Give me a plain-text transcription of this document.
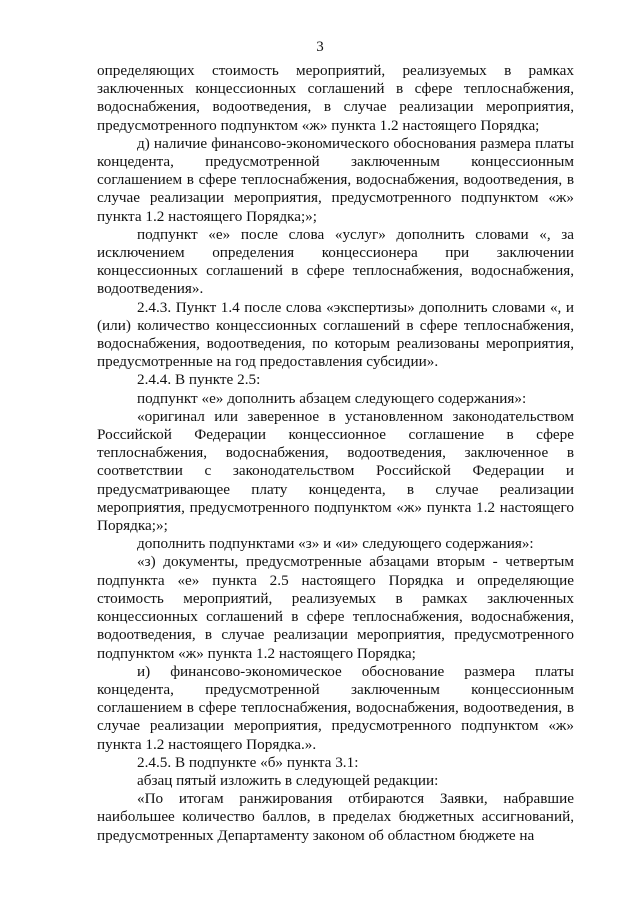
3

определяющих стоимость мероприятий, реализуемых в рамках заключенных концессионных соглашений в сфере теплоснабжения, водоснабжения, водоотведения, в случае реализации мероприятия, предусмотренного подпунктом «ж» пункта 1.2 настоящего Порядка;

д) наличие финансово-экономического обоснования размера платы концедента, предусмотренной заключенным концессионным соглашением в сфере теплоснабжения, водоснабжения, водоотведения, в случае реализации мероприятия, предусмотренного подпунктом «ж» пункта 1.2 настоящего Порядка;»;

подпункт «е» после слова «услуг» дополнить словами «, за исключением определения концессионера при заключении концессионных соглашений в сфере теплоснабжения, водоснабжения, водоотведения».

2.4.3. Пункт 1.4 после слова «экспертизы» дополнить словами «, и (или) количество концессионных соглашений в сфере теплоснабжения, водоснабжения, водоотведения, по которым реализованы мероприятия, предусмотренные на год предоставления субсидии».

2.4.4. В пункте 2.5:

подпункт «е» дополнить абзацем следующего содержания»:

«оригинал или заверенное в установленном законодательством Российской Федерации концессионное соглашение в сфере теплоснабжения, водоснабжения, водоотведения, заключенное в соответствии с законодательством Российской Федерации и предусматривающее плату концедента, в случае реализации мероприятия, предусмотренного подпунктом «ж» пункта 1.2 настоящего Порядка;»;

дополнить подпунктами «з» и «и» следующего содержания»:

«з) документы, предусмотренные абзацами вторым - четвертым подпункта «е» пункта 2.5 настоящего Порядка и определяющие стоимость мероприятий, реализуемых в рамках заключенных концессионных соглашений в сфере теплоснабжения, водоснабжения, водоотведения, в случае реализации мероприятия, предусмотренного подпунктом «ж» пункта 1.2 настоящего Порядка;

и) финансово-экономическое обоснование размера платы концедента, предусмотренной заключенным концессионным соглашением в сфере теплоснабжения, водоснабжения, водоотведения, в случае реализации мероприятия, предусмотренного подпунктом «ж» пункта 1.2 настоящего Порядка.».

2.4.5. В подпункте «б» пункта 3.1:

абзац пятый изложить в следующей редакции:

«По итогам ранжирования отбираются Заявки, набравшие наибольшее количество баллов, в пределах бюджетных ассигнований, предусмотренных Департаменту законом об областном бюджете на
